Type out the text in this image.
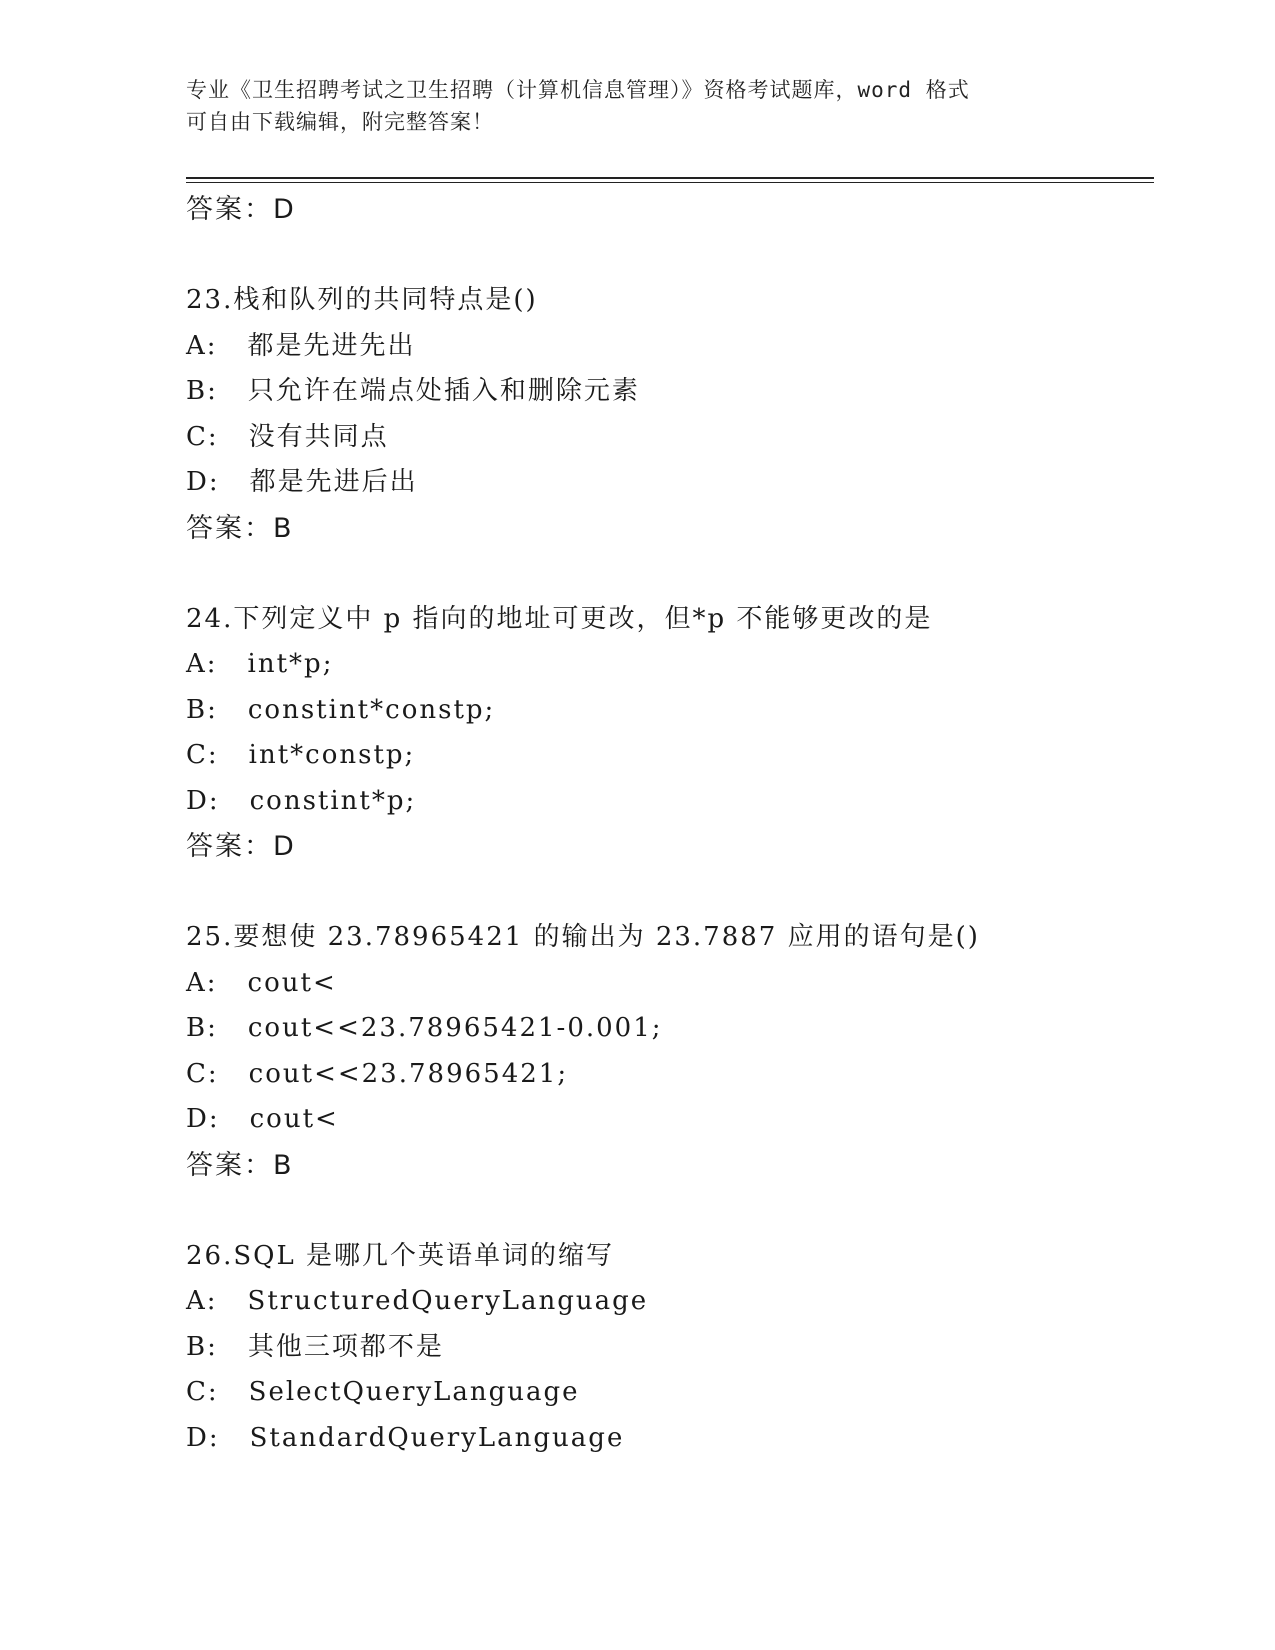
专业《卫生招聘考试之卫生招聘（计算机信息管理）》资格考试题库，word 格式
可自由下载编辑，附完整答案！
答案：D
23.栈和队列的共同特点是()
A: 都是先进先出
B: 只允许在端点处插入和删除元素
C: 没有共同点
D: 都是先进后出
答案：B
24.下列定义中 p 指向的地址可更改，但*p 不能够更改的是
A: int*p;
B: constint*constp;
C: int*constp;
D: constint*p;
答案：D
25.要想使 23.78965421 的输出为 23.7887 应用的语句是()
A: cout<
B: cout<<23.78965421-0.001;
C: cout<<23.78965421;
D: cout<
答案：B
26.SQL 是哪几个英语单词的缩写
A: StructuredQueryLanguage
B: 其他三项都不是
C: SelectQueryLanguage
D: StandardQueryLanguage
